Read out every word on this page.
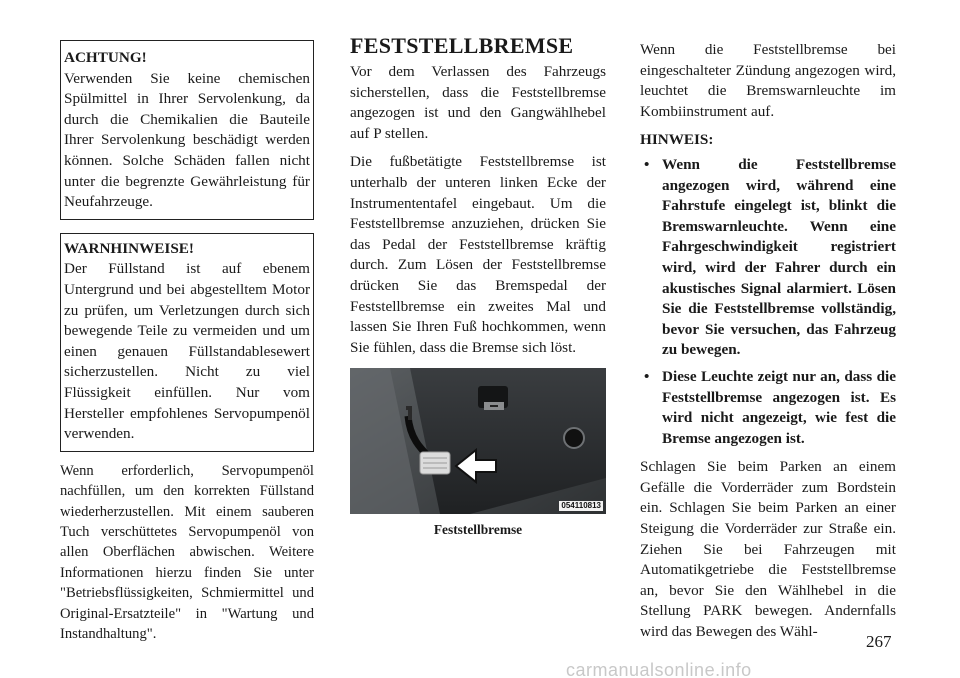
ACHTUNG!
Verwenden Sie keine chemischen Spülmittel in Ihrer Servolenkung, da durch die Chemikalien die Bauteile Ihrer Servolenkung beschädigt werden können. Solche Schäden fallen nicht unter die begrenzte Gewährleistung für Neufahrzeuge.
WARNHINWEISE!
Der Füllstand ist auf ebenem Untergrund und bei abgestelltem Motor zu prüfen, um Verletzungen durch sich bewegende Teile zu vermeiden und um einen genauen Füllstandablesewert sicherzustellen. Nicht zu viel Flüssigkeit einfüllen. Nur vom Hersteller empfohlenes Servopumpenöl verwenden.

Wenn erforderlich, Servopumpenöl nachfüllen, um den korrekten Füllstand wiederherzustellen. Mit einem sauberen Tuch verschüttetes Servopumpenöl von allen Oberflächen abwischen. Weitere Informationen hierzu finden Sie unter "Betriebsflüssigkeiten, Schmiermittel und Original-Ersatzteile" in "Wartung und Instandhaltung".

FESTSTELLBREMSE

Vor dem Verlassen des Fahrzeugs sicherstellen, dass die Feststellbremse angezogen ist und den Gangwählhebel auf P stellen.

Die fußbetätigte Feststellbremse ist unterhalb der unteren linken Ecke der Instrumententafel eingebaut. Um die Feststellbremse anzuziehen, drücken Sie das Pedal der Feststellbremse kräftig durch. Zum Lösen der Feststellbremse drücken Sie das Bremspedal der Feststellbremse ein zweites Mal und lassen Sie Ihren Fuß hochkommen, wenn Sie fühlen, dass die Bremse sich löst.

054110813
Feststellbremse

Wenn die Feststellbremse bei eingeschalteter Zündung angezogen wird, leuchtet die Bremswarnleuchte im Kombiinstrument auf.

HINWEIS:
• Wenn die Feststellbremse angezogen wird, während eine Fahrstufe eingelegt ist, blinkt die Bremswarnleuchte. Wenn eine Fahrgeschwindigkeit registriert wird, wird der Fahrer durch ein akustisches Signal alarmiert. Lösen Sie die Feststellbremse vollständig, bevor Sie versuchen, das Fahrzeug zu bewegen.
• Diese Leuchte zeigt nur an, dass die Feststellbremse angezogen ist. Es wird nicht angezeigt, wie fest die Bremse angezogen ist.

Schlagen Sie beim Parken an einem Gefälle die Vorderräder zum Bordstein ein. Schlagen Sie beim Parken an einer Steigung die Vorderräder zur Straße ein. Ziehen Sie bei Fahrzeugen mit Automatikgetriebe die Feststellbremse an, bevor Sie den Wählhebel in die Stellung PARK bewegen. Andernfalls wird das Bewegen des Wähl-

267
carmanualsonline.info
